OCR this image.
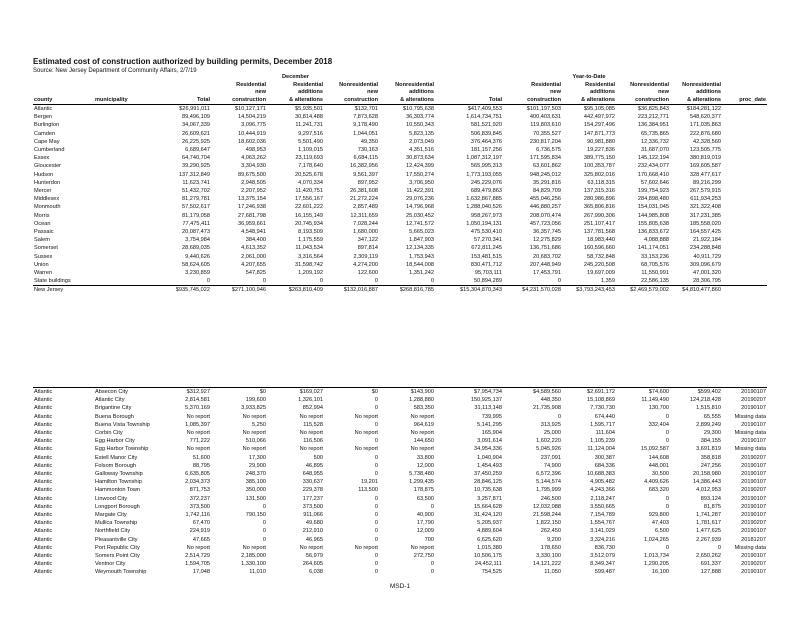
Estimated cost of construction authorized by building permits, December 2018
Source: New Jersey Department of Community Affairs, 2/7/19
				December					Year-to-Date			
			Residential	Residential	Nonresidential	Nonresidential		Residential	Residential	Nonresidential	Nonresidential	
			new	additions	new	additions		new	additions	new	additions	
county	municipality	Total	construction	& alterations	construction	& alterations	Total	construction	& alterations	construction	& alterations	proc_date
Atlantic		$26,991,011	$10,127,171	$5,935,501	$132,701	$10,795,638	$417,409,553	$101,197,503	$95,105,085	$36,825,843	$184,281,122	
Bergen		89,496,109	14,504,219	30,814,488	7,873,628	36,303,774	1,614,734,751	400,403,631	442,497,972	223,212,771	548,620,377	
Burlington		34,067,339	3,096,775	11,241,731	9,178,490	10,550,343	581,521,920	119,803,610	154,297,496	136,384,951	171,035,863	
Camden		26,609,621	10,444,919	9,297,516	1,044,051	5,823,135	506,839,845	70,355,527	147,871,773	65,735,865	222,876,680	
Cape May		26,225,925	18,602,036	5,501,490	49,350	2,073,049	376,464,376	230,817,204	90,981,880	12,336,732	42,328,560	
Cumberland		6,689,647	498,953	1,109,015	730,163	4,351,516	181,157,256	6,736,575	19,227,836	31,687,070	123,505,775	
Essex		64,740,704	4,063,262	23,119,693	6,684,115	30,873,634	1,087,312,197	171,595,834	389,775,150	145,122,194	380,819,019	
Gloucester		39,290,925	3,304,930	7,178,640	16,382,956	12,424,399	565,995,313	63,601,862	100,353,787	232,434,077	169,605,587	
Hudson		137,312,849	89,675,500	20,525,678	9,561,397	17,550,274	1,773,193,055	948,245,012	325,802,016	170,668,410	328,477,617	
Hunterdon		11,623,741	2,948,505	4,070,334	897,952	3,706,950	245,229,076	35,291,816	63,118,315	57,602,646	89,216,299	
Mercer		51,432,702	2,207,952	11,420,751	26,381,608	11,422,391	689,479,863	84,829,709	137,315,316	199,754,923	267,579,915	
Middlesex		81,279,781	13,375,154	17,556,167	21,272,224	29,076,236	1,632,867,885	455,046,256	280,986,896	284,898,480	611,934,253	
Monmouth		57,502,617	17,246,938	22,601,222	2,857,489	14,796,968	1,288,040,526	446,880,257	365,806,816	154,031,045	321,322,408	
Morris		81,179,058	27,681,798	16,155,149	12,311,659	25,030,452	958,267,973	208,070,474	267,990,306	144,985,808	317,231,385	
Ocean		77,475,411	36,959,661	20,745,934	7,028,244	12,741,572	1,050,194,131	457,723,056	251,107,417	155,805,638	185,558,020	
Passaic		20,087,473	4,548,941	8,193,509	1,680,000	5,665,023	475,530,410	36,357,745	137,781,568	136,833,672	164,557,425	
Salem		3,754,984	384,400	1,175,559	347,122	1,847,903	57,270,341	12,275,829	18,983,440	4,088,888	21,922,184	
Somerset		28,689,035	4,613,352	11,043,534	897,814	12,134,335	672,811,245	136,751,686	160,596,660	141,174,051	234,288,848	
Sussex		9,440,626	2,061,000	3,316,564	2,309,119	1,753,943	153,481,515	20,683,702	58,732,848	33,153,236	40,911,729	
Union		58,624,605	4,207,655	31,598,742	4,274,200	18,544,008	830,471,712	207,448,949	245,220,508	68,705,576	309,096,679	
Warren		3,230,859	547,825	1,209,192	122,600	1,351,242	95,703,111	17,453,791	19,697,009	11,550,991	47,001,320	
State buildings		0	0	0	0	0	50,894,289	0	1,359	22,586,135	28,306,795	
New Jersey		$935,745,022	$271,100,946	$263,810,409	$132,016,887	$268,816,785	$15,304,870,343	$4,231,570,028	$3,793,243,453	$2,469,579,002	$4,810,477,860	
Atlantic	Absecon City	$312,927	$0	$169,027	$0	$143,900	$7,954,734	$4,589,560	$2,691,172	$74,600	$599,402	20190107
Atlantic	Atlantic City	2,814,581	199,600	1,326,101	0	1,288,880	150,925,137	448,350	15,108,869	11,149,490	124,218,428	20190207
Atlantic	Brigantine City	5,370,169	3,933,825	852,994	0	583,350	31,113,148	21,735,908	7,730,730	130,700	1,515,810	20190107
Atlantic	Buena Borough	No report	No report	No report	No report	No report	739,995	0	674,440	0	65,555	Missing data
Atlantic	Buena Vista Township	1,085,397	5,250	115,528	0	964,619	5,141,295	313,925	1,595,717	332,404	2,899,249	20190107
Atlantic	Corbin City	No report	No report	No report	No report	No report	165,904	25,000	111,604	0	29,300	Missing data
Atlantic	Egg Harbor City	771,222	510,066	116,506	0	144,650	3,091,614	1,602,220	1,105,239	0	384,155	20190107
Atlantic	Egg Harbor Township	No report	No report	No report	No report	No report	34,954,336	5,045,926	11,124,004	15,092,587	3,691,819	Missing data
Atlantic	Estell Manor City	51,600	17,300	500	0	33,800	1,040,904	237,091	300,387	144,608	358,818	20190207
Atlantic	Folsom Borough	88,795	29,900	46,895	0	12,000	1,454,493	74,900	684,336	448,001	247,256	20190107
Atlantic	Galloway Township	6,635,805	248,370	648,955	0	5,738,480	37,450,259	6,572,396	10,688,383	30,500	20,158,980	20190107
Atlantic	Hamilton Township	2,034,373	385,100	330,637	19,201	1,299,435	28,846,125	5,144,574	4,905,482	4,409,626	14,386,443	20190107
Atlantic	Hammonton Town	871,753	350,000	229,378	113,500	178,875	10,735,638	1,795,999	4,243,366	683,320	4,012,953	20190207
Atlantic	Linwood City	372,237	131,500	177,237	0	63,500	3,257,871	246,500	2,118,247	0	893,124	20190107
Atlantic	Longport Borough	373,500	0	373,500	0	0	15,664,628	12,032,088	3,550,665	0	81,875	20190107
Atlantic	Margate City	1,742,116	790,150	911,066	0	40,900	31,424,120	21,598,244	7,154,789	929,800	1,741,287	20190107
Atlantic	Mullica Township	67,470	0	49,680	0	17,790	5,205,937	1,822,150	1,554,767	47,403	1,781,617	20190207
Atlantic	Northfield City	224,919	0	212,910	0	12,009	4,889,604	262,450	3,141,029	6,500	1,477,625	20190107
Atlantic	Pleasantville City	47,665	0	46,965	0	700	6,625,620	9,200	3,324,216	1,024,265	2,267,939	20181207
Atlantic	Port Republic City	No report	No report	No report	No report	No report	1,015,380	178,650	836,730	0	0	Missing data
Atlantic	Somers Point City	2,514,729	2,185,000	56,979	0	272,750	10,506,175	3,330,100	3,512,079	1,013,734	2,650,262	20190107
Atlantic	Ventnor City	1,594,705	1,330,100	264,605	0	0	24,452,111	14,121,222	8,349,347	1,290,205	691,337	20190207
Atlantic	Weymouth Township	17,048	11,010	6,038	0	0	754,525	11,050	599,487	16,100	127,888	20190107
MSD-1
